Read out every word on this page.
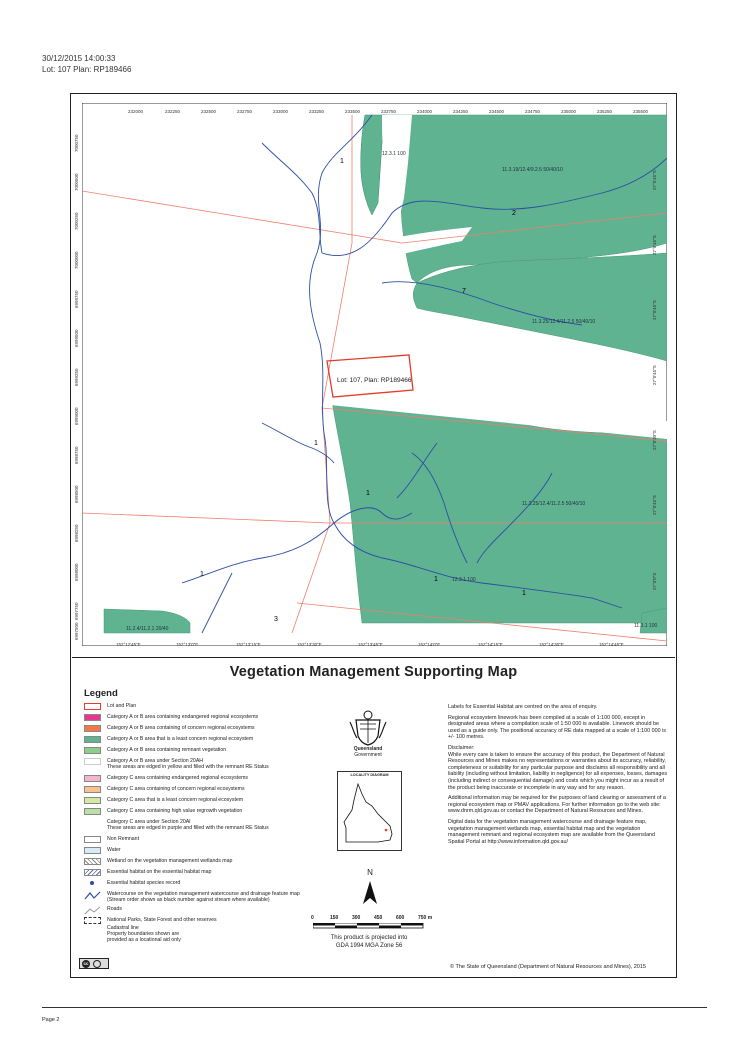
30/12/2015 14:00:33
Lot: 107 Plan: RP189466
12.3.1 100
11.3.19/12.4/9.2.5 50/40/10
11.3.25/12.4/11.2.5 50/40/10
11.3.25/12.4/11.2.5 50/40/10
12.3.1 100
11.2.4/11.2.1 20/40	11.3.1 100
Lot: 107, Plan: RP189466
1
2
7
1
1
1
1
1
3
232000	232250	232500	232750	233000	233250	233500	233750	234000	234250	234500	234750	235000	235250	235500
7000750
7000500
7000250
7000000
6999750
6999500
6999250
6999000
6998750
6998500
6998250
6998000
6997750
6997500
152°12'45"E	152°13'0"E	152°13'15"E	152°13'30"E	152°13'45"E	152°14'0"E	152°14'15"E	152°14'30"E	152°14'45"E
27°0'45"S
27°0'45"S
27°0'45"S
27°0'45"S
27°0'30"S
27°0'45"S
27°0'0"S
Vegetation Management Supporting Map
Legend
Lot and Plan
Category A or B area containing endangered regional ecosystems
Category A or B area containing of concern regional ecosystems
Category A or B area that is a least concern regional ecosystem
Category A or B area containing remnant vegetation
Category A or B area under Section 20AH
These areas are edged in yellow and filled with the remnant RE Status
Category C area containing endangered regional ecosystems
Category C area containing of concern regional ecosystems
Category C area that is a least concern regional ecosystem
Category C area containing high value regrowth vegetation
Category C area under Section 20AI
These areas are edged in purple and filled with the remnant RE Status
Non Remnant
Water
Wetland on the vegetation management wetlands map
Essential habitat on the essential habitat map
Essential habitat species record
Watercourse on the vegetation management watercourse and drainage feature map
(Stream order shown as black number against stream where available)
Roads
National Parks, State Forest and other reserves
Cadastral line
Property boundaries shown are
provided as a locational aid only
Queensland
Government
LOCALITY DIAGRAM
N
0	150	300	450	600	750 m
This product is projected into
GDA 1994 MGA Zone 56

Labels for Essential Habitat are centred on the area of enquiry.

Regional ecosystem linework has been compiled at a scale of 1:100 000, except in designated areas where a compilation scale of 1:50 000 is available. Linework should be used as a guide only. The positional accuracy of RE data mapped at a scale of 1:100 000 is +/- 100 metres.

Disclaimer:

While every care is taken to ensure the accuracy of this product, the Department of Natural Resources and Mines makes no representations or warranties about its accuracy, reliability, completeness or suitability for any particular purpose and disclaims all responsibility and all liability (including without limitation, liability in negligence) for all expenses, losses, damages (including indirect or consequential damage) and costs which you might incur as a result of the product being inaccurate or incomplete in any way and for any reason.

Additional information may be required for the purposes of land clearing or assessment of a regional ecosystem map or PMAV applications. For further information go to the web site: www.dnrm.qld.gov.au or contact the Department of Natural Resources and Mines.

Digital data for the vegetation management watercourse and drainage feature map, vegetation management wetlands map, essential habitat map and the vegetation management remnant and regional ecosystem map are available from the Queensland Spatial Portal at http://www.information.qld.gov.au/

cc
© The State of Queensland (Department of Natural Resources and Mines), 2015
Page 2
